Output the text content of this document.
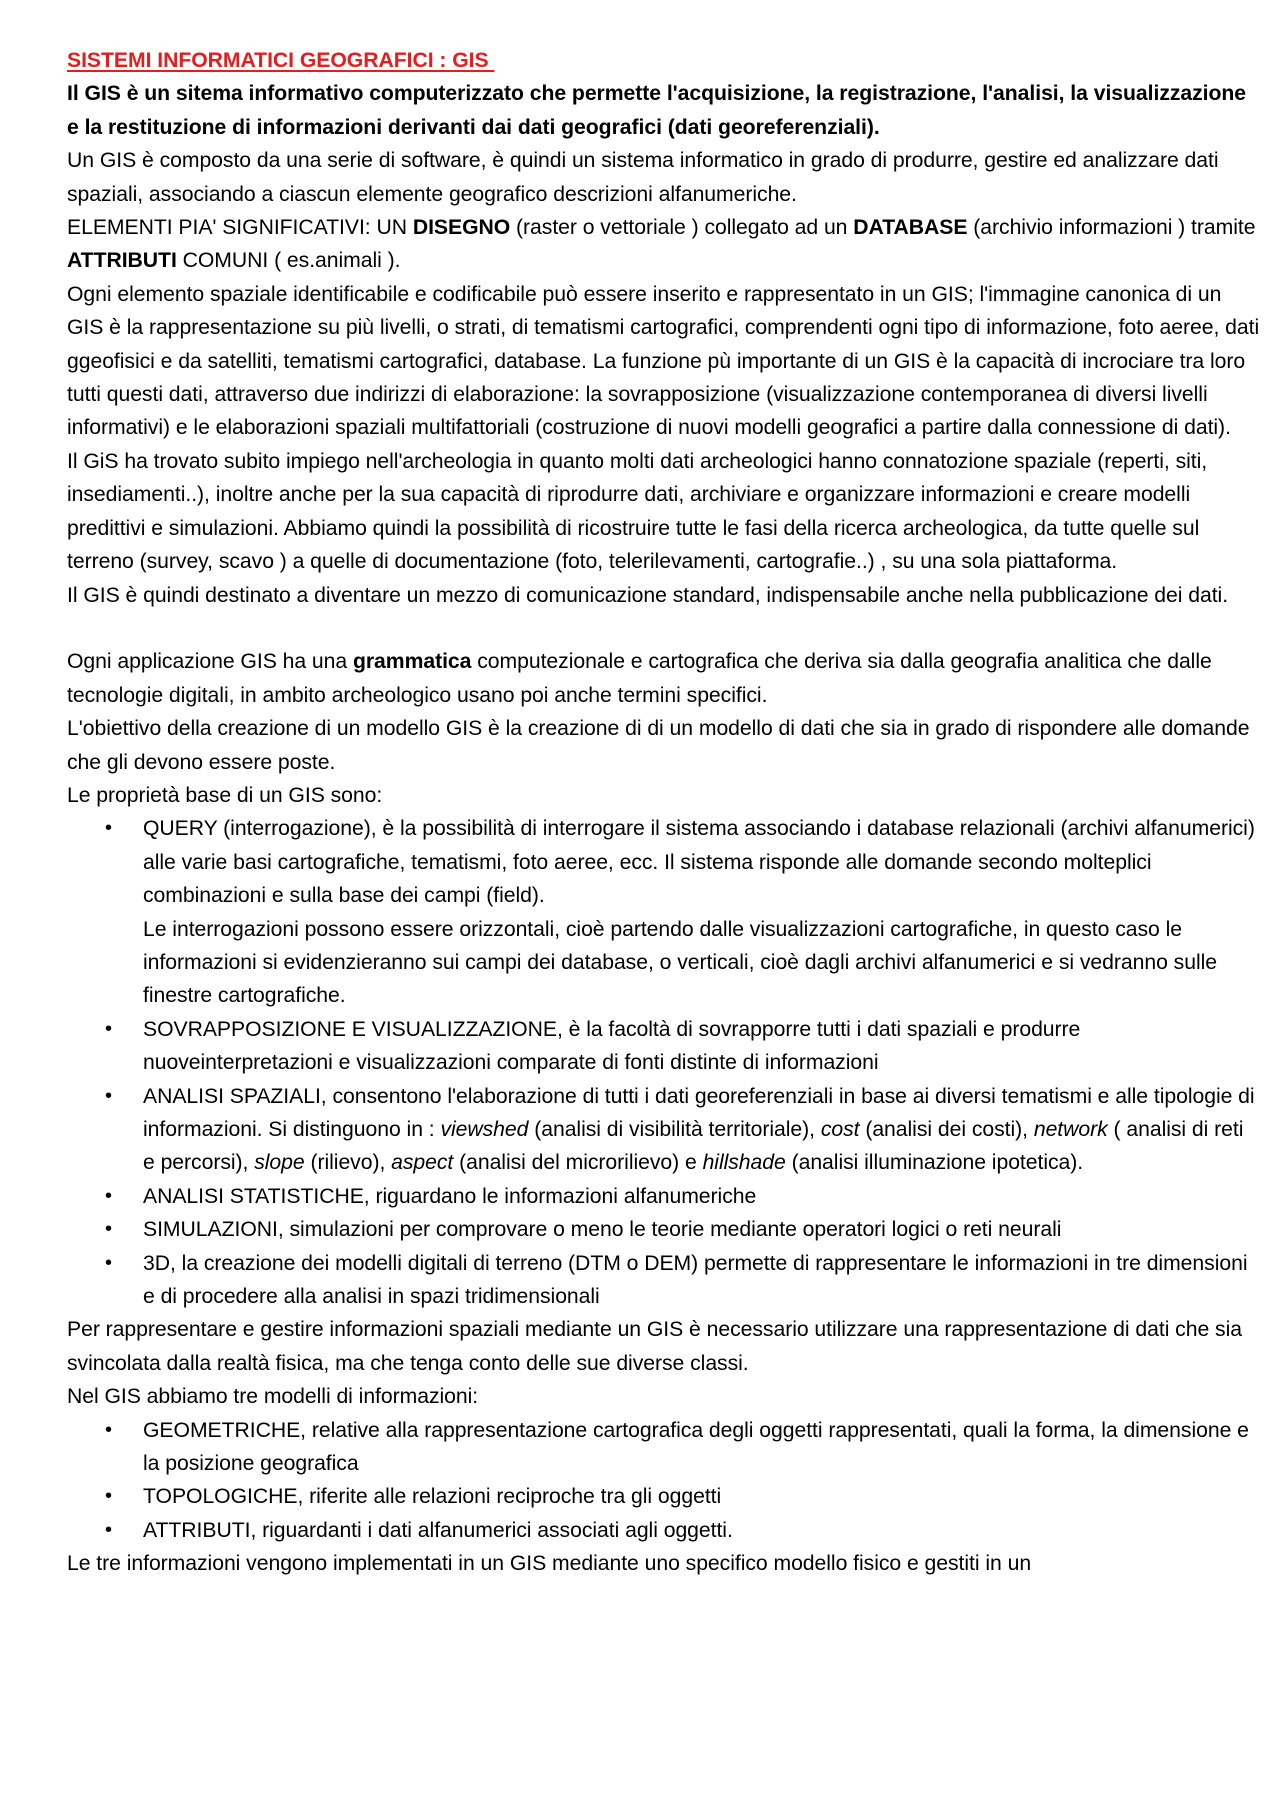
SISTEMI INFORMATICI GEOGRAFICI : GIS

Il GIS è un sitema informativo computerizzato che permette l'acquisizione, la registrazione, l'analisi, la visualizzazione e la restituzione di informazioni derivanti dai dati geografici (dati georeferenziali).

Un GIS è composto da una serie di software, è quindi un sistema informatico in grado di produrre, gestire ed analizzare dati spaziali, associando a ciascun elemente geografico descrizioni alfanumeriche.

ELEMENTI PIA' SIGNIFICATIVI: UN DISEGNO (raster o vettoriale ) collegato ad un DATABASE (archivio informazioni ) tramite ATTRIBUTI COMUNI ( es.animali ).

Ogni elemento spaziale identificabile e codificabile può essere inserito e rappresentato in un GIS; l'immagine canonica di un GIS è la rappresentazione su più livelli, o strati, di tematismi cartografici, comprendenti ogni tipo di informazione, foto aeree, dati ggeofisici e da satelliti, tematismi cartografici, database. La funzione pù importante di un GIS è la capacità di incrociare tra loro tutti questi dati, attraverso due indirizzi di elaborazione: la sovrapposizione (visualizzazione contemporanea di diversi livelli informativi) e le elaborazioni spaziali multifattoriali (costruzione di nuovi modelli geografici a partire dalla connessione di dati).

Il GiS ha trovato subito impiego nell'archeologia in quanto molti dati archeologici hanno connatozione spaziale (reperti, siti, insediamenti..), inoltre anche per la sua capacità di riprodurre dati, archiviare e organizzare informazioni e creare modelli predittivi e simulazioni. Abbiamo quindi la possibilità di ricostruire tutte le fasi della ricerca archeologica, da tutte quelle sul terreno (survey, scavo ) a quelle di documentazione (foto, telerilevamenti, cartografie..) , su una sola piattaforma.

Il GIS è quindi destinato a diventare un mezzo di comunicazione standard, indispensabile anche nella pubblicazione dei dati.

Ogni applicazione GIS ha una grammatica computezionale e cartografica che deriva sia dalla geografia analitica che dalle tecnologie digitali, in ambito archeologico usano poi anche termini specifici.

L'obiettivo della creazione di un modello GIS è la creazione di di un modello di dati che sia in grado di rispondere alle domande che gli devono essere poste.

Le proprietà base di un GIS sono:

• QUERY (interrogazione), è la possibilità di interrogare il sistema associando i database relazionali (archivi alfanumerici) alle varie basi cartografiche, tematismi, foto aeree, ecc. Il sistema risponde alle domande secondo molteplici combinazioni e sulla base dei campi (field).

Le interrogazioni possono essere orizzontali, cioè partendo dalle visualizzazioni cartografiche, in questo caso le informazioni si evidenzieranno sui campi dei database, o verticali, cioè dagli archivi alfanumerici e si vedranno sulle finestre cartografiche.

• SOVRAPPOSIZIONE E VISUALIZZAZIONE, è la facoltà di sovrapporre tutti i dati spaziali e produrre nuoveinterpretazioni e visualizzazioni comparate di fonti distinte di informazioni

• ANALISI SPAZIALI, consentono l'elaborazione di tutti i dati georeferenziali in base ai diversi tematismi e alle tipologie di informazioni. Si distinguono in : viewshed (analisi di visibilità territoriale), cost (analisi dei costi), network ( analisi di reti e percorsi), slope (rilievo), aspect (analisi del microrilievo) e hillshade (analisi illuminazione ipotetica).

• ANALISI STATISTICHE, riguardano le informazioni alfanumeriche

• SIMULAZIONI, simulazioni per comprovare o meno le teorie mediante operatori logici o reti neurali

• 3D, la creazione dei modelli digitali di terreno (DTM o DEM) permette di rappresentare le informazioni in tre dimensioni e di procedere alla analisi in spazi tridimensionali

Per rappresentare e gestire informazioni spaziali mediante un GIS è necessario utilizzare una rappresentazione di dati che sia svincolata dalla realtà fisica, ma che tenga conto delle sue diverse classi.

Nel GIS abbiamo tre modelli di informazioni:

• GEOMETRICHE, relative alla rappresentazione cartografica degli oggetti rappresentati, quali la forma, la dimensione e la posizione geografica

• TOPOLOGICHE, riferite alle relazioni reciproche tra gli oggetti

• ATTRIBUTI, riguardanti i dati alfanumerici associati agli oggetti.

Le tre informazioni vengono implementati in un GIS mediante uno specifico modello fisico e gestiti in un
